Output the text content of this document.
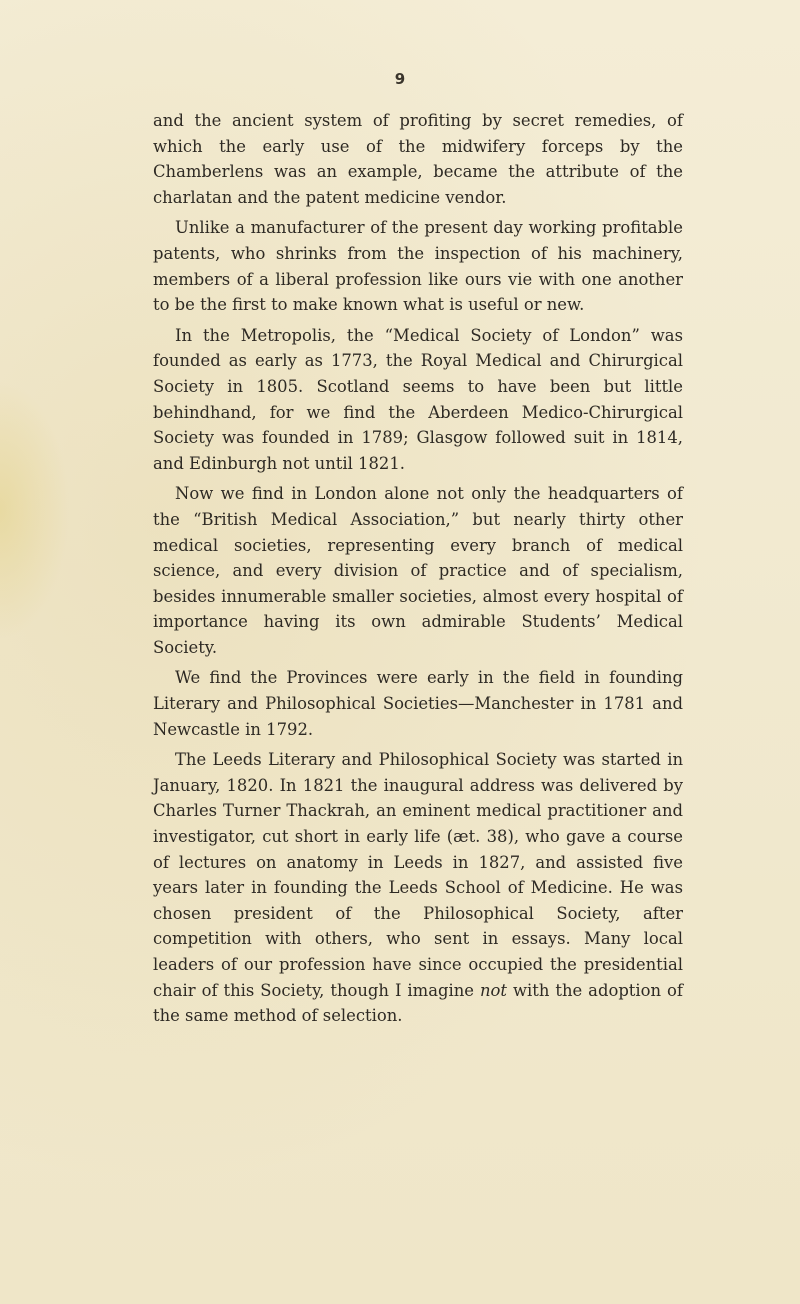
9

and the ancient system of profiting by secret remedies, of which the early use of the midwifery forceps by the Chamberlens was an example, became the attribute of the charlatan and the patent medicine vendor.

Unlike a manufacturer of the present day working profitable patents, who shrinks from the inspection of his machinery, members of a liberal profession like ours vie with one another to be the first to make known what is useful or new.

In the Metropolis, the “Medical Society of London” was founded as early as 1773, the Royal Medical and Chirurgical Society in 1805. Scotland seems to have been but little behindhand, for we find the Aberdeen Medico-Chirurgical Society was founded in 1789; Glasgow followed suit in 1814, and Edinburgh not until 1821.

Now we find in London alone not only the headquarters of the “British Medical Association,” but nearly thirty other medical societies, representing every branch of medical science, and every division of practice and of specialism, besides innumerable smaller societies, almost every hospital of importance having its own admirable Students’ Medical Society.

We find the Provinces were early in the field in founding Literary and Philosophical Societies—Manchester in 1781 and Newcastle in 1792.

The Leeds Literary and Philosophical Society was started in January, 1820. In 1821 the inaugural address was delivered by Charles Turner Thackrah, an eminent medical practitioner and investigator, cut short in early life (æt. 38), who gave a course of lectures on anatomy in Leeds in 1827, and assisted five years later in founding the Leeds School of Medicine. He was chosen president of the Philosophical Society, after competition with others, who sent in essays. Many local leaders of our profession have since occupied the presidential chair of this Society, though I imagine not with the adoption of the same method of selection.
